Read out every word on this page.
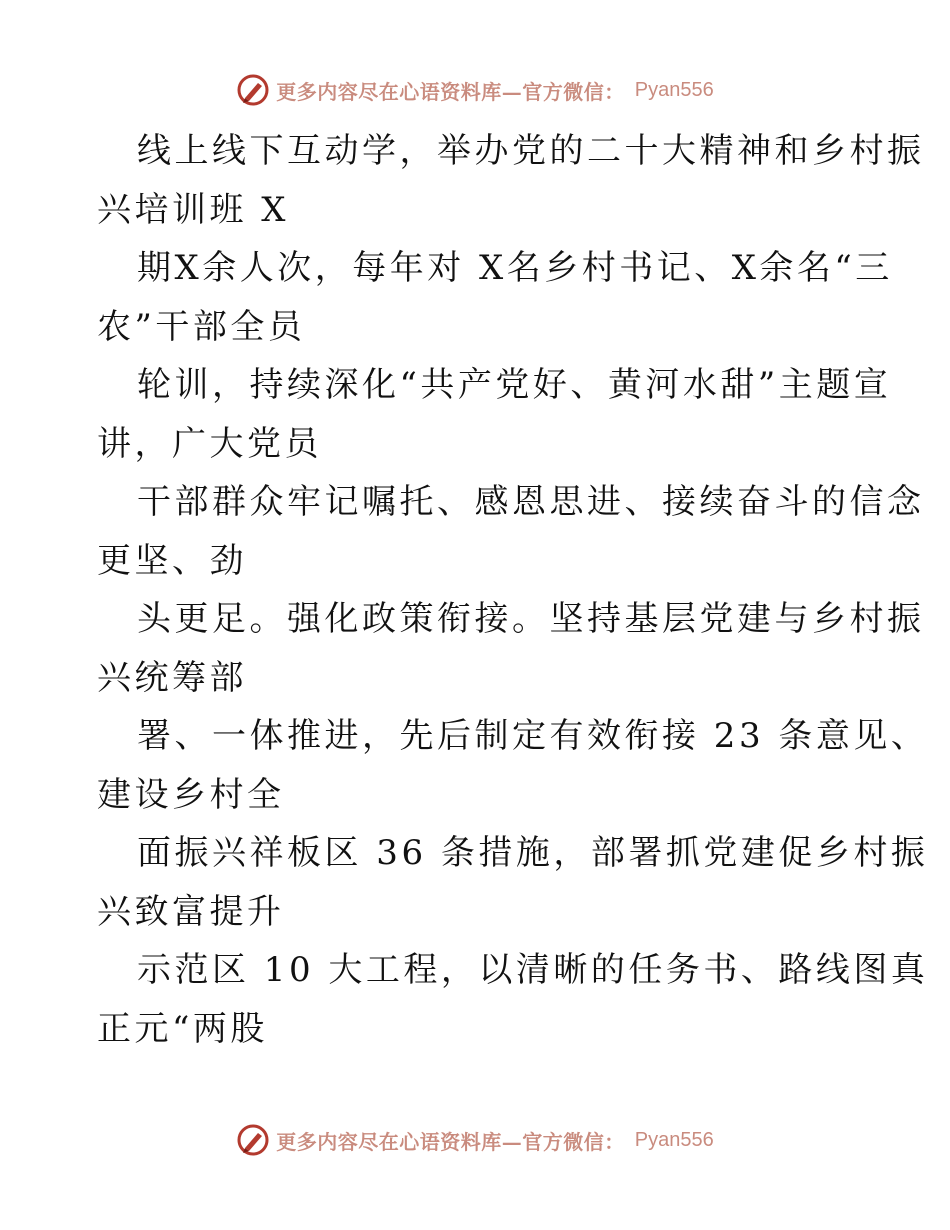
更多内容尽在心语资料库—官方微信： Pyan556
线上线下互动学，举办党的二十大精神和乡村振
兴培训班 X
期X余人次，每年对 X名乡村书记、X余名“三
农”干部全员
轮训，持续深化“共产党好、黄河水甜”主题宣
讲，广大党员
干部群众牢记嘱托、感恩思进、接续奋斗的信念
更坚、劲
头更足。强化政策衔接。坚持基层党建与乡村振
兴统筹部
署、一体推进，先后制定有效衔接 23 条意见、
建设乡村全
面振兴祥板区 36 条措施，部署抓党建促乡村振
兴致富提升
示范区 10 大工程，以清晰的任务书、路线图真
正元“两股
更多内容尽在心语资料库—官方微信： Pyan556
